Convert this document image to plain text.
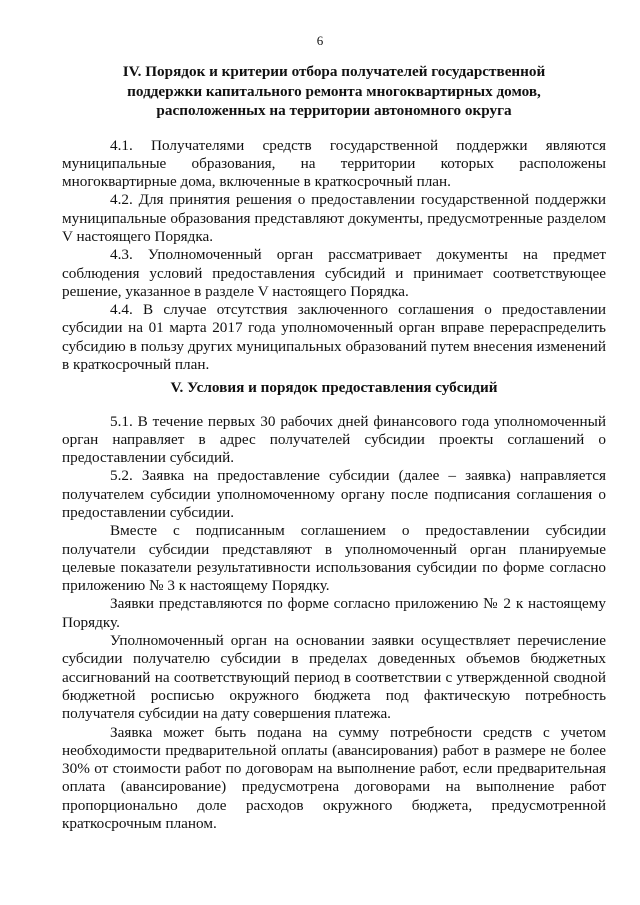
6
IV. Порядок и критерии отбора получателей государственной
поддержки капитального ремонта многоквартирных домов,
расположенных на территории автономного округа

4.1. Получателями средств государственной поддержки являются муниципальные образования, на территории которых расположены многоквартирные дома, включенные в краткосрочный план.

4.2. Для принятия решения о предоставлении государственной поддержки муниципальные образования представляют документы, предусмотренные разделом V настоящего Порядка.

4.3. Уполномоченный орган рассматривает документы на предмет соблюдения условий предоставления субсидий и принимает соответствующее решение, указанное в разделе V настоящего Порядка.

4.4. В случае отсутствия заключенного соглашения о предоставлении субсидии на 01 марта 2017 года уполномоченный орган вправе перераспределить субсидию в пользу других муниципальных образований путем внесения изменений в краткосрочный план.

V. Условия и порядок предоставления субсидий

5.1. В течение первых 30 рабочих дней финансового года уполномоченный орган направляет в адрес получателей субсидии проекты соглашений о предоставлении субсидий.

5.2. Заявка на предоставление субсидии (далее – заявка) направляется получателем субсидии уполномоченному органу после подписания соглашения о предоставлении субсидии.

Вместе с подписанным соглашением о предоставлении субсидии получатели субсидии представляют в уполномоченный орган планируемые целевые показатели результативности использования субсидии по форме согласно приложению № 3 к настоящему Порядку.

Заявки представляются по форме согласно приложению № 2 к настоящему Порядку.

Уполномоченный орган на основании заявки осуществляет перечисление субсидии получателю субсидии в пределах доведенных объемов бюджетных ассигнований на соответствующий период в соответствии с утвержденной сводной бюджетной росписью окружного бюджета под фактическую потребность получателя субсидии на дату совершения платежа.

Заявка может быть подана на сумму потребности средств с учетом необходимости предварительной оплаты (авансирования) работ в размере не более 30% от стоимости работ по договорам на выполнение работ, если предварительная оплата (авансирование) предусмотрена договорами на выполнение работ пропорционально доле расходов окружного бюджета, предусмотренной краткосрочным планом.
